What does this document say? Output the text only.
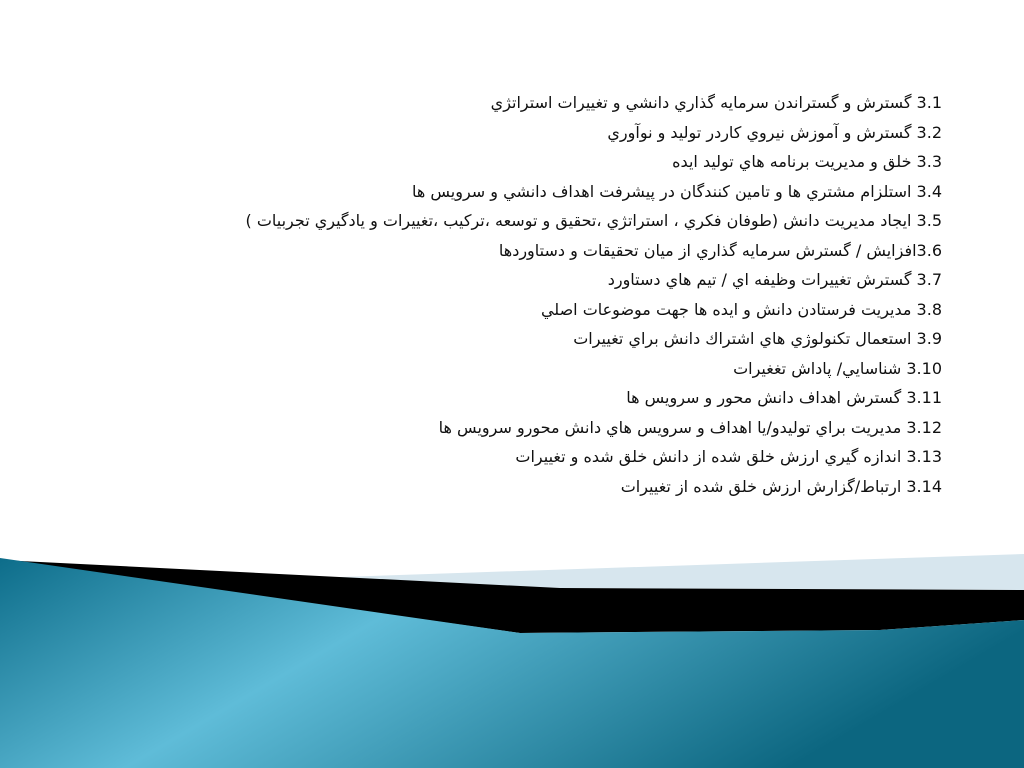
3.1 گسترش و گستراندن سرمايه گذاري دانشي و تغييرات استراتژي
3.2 گسترش و آموزش نيروي كاردر توليد و نوآوري
3.3 خلق و مديريت برنامه هاي توليد ايده
3.4 استلزام مشتري ها و تامين كنندگان در پيشرفت اهداف دانشي و سرويس ها
3.5 ايجاد مديريت دانش (طوفان فكري ، استراتژي ،تحقيق و توسعه ،تركيب ،تغييرات و يادگيري تجربيات )
3.6افزايش / گسترش سرمايه گذاري از ميان تحقيقات و دستاوردها
3.7 گسترش تغييرات وظيفه اي / تيم هاي دستاورد
3.8 مديريت فرستادن دانش و ايده ها جهت موضوعات اصلي
3.9 استعمال تكنولوژي هاي اشتراك دانش براي تغييرات
3.10 شناسايي/ پاداش تغغيرات
3.11 گسترش اهداف دانش محور و سرويس ها
3.12 مديريت براي توليدو/يا اهداف و سرويس هاي دانش محورو سرويس ها
3.13 اندازه گيري ارزش خلق شده از دانش خلق شده و تغييرات
3.14 ارتباط/گزارش ارزش خلق شده از تغييرات
